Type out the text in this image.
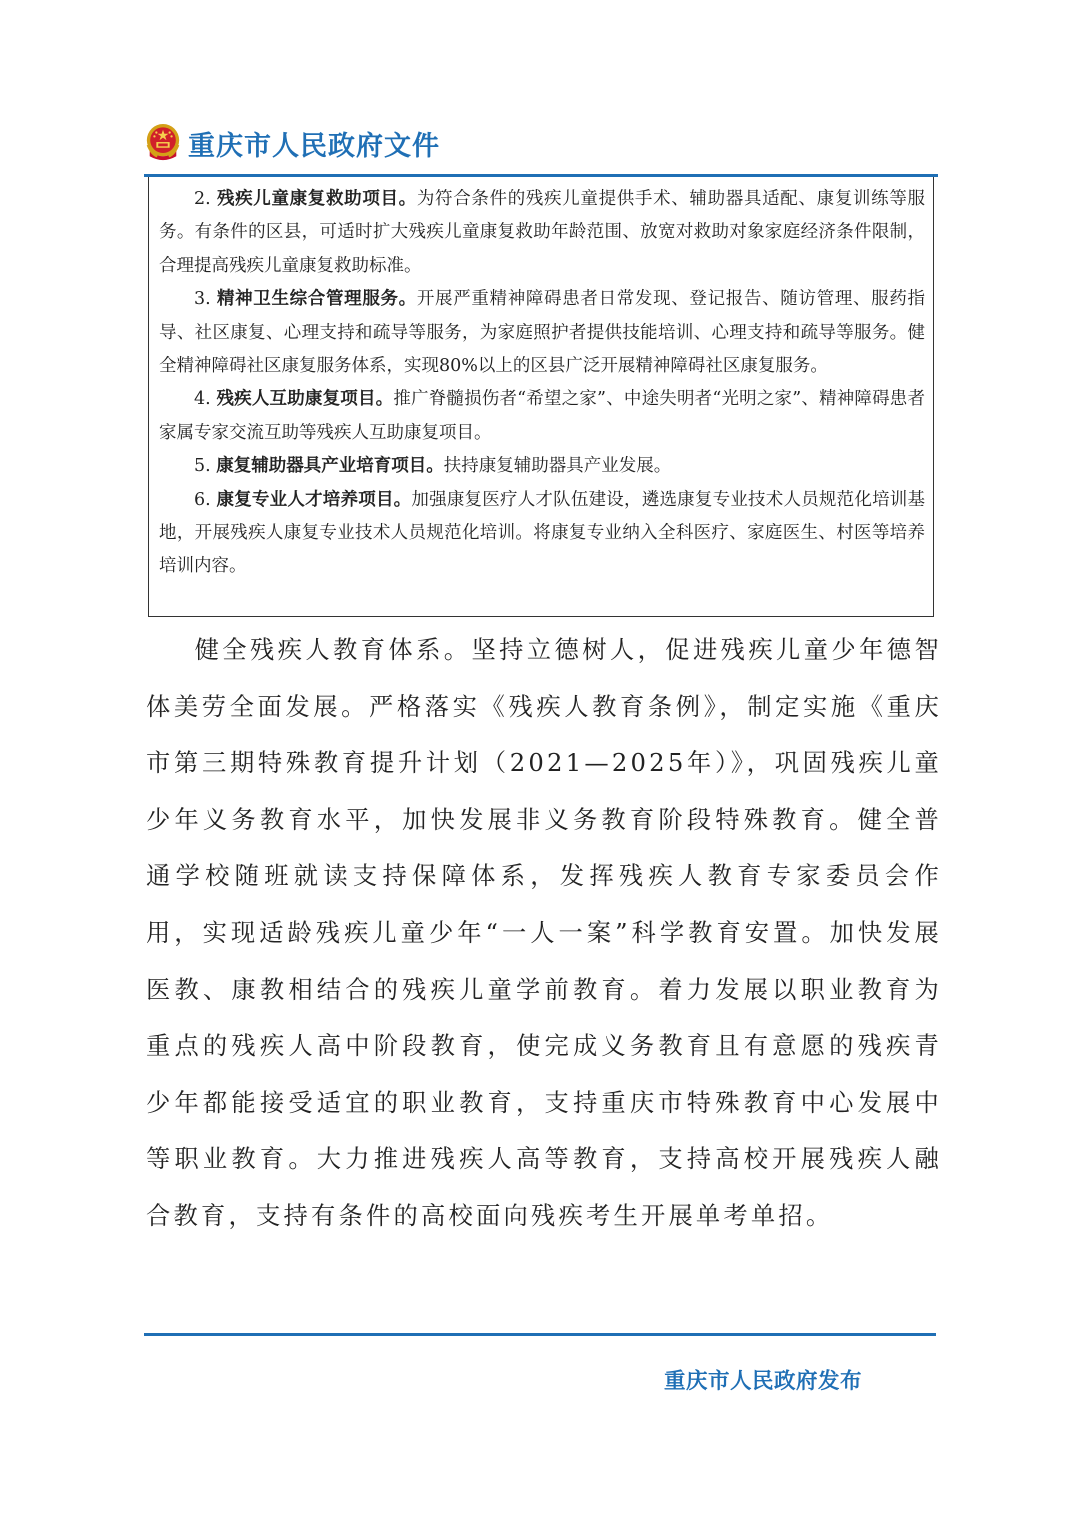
重庆市人民政府文件

2. 残疾儿童康复救助项目。为符合条件的残疾儿童提供手术、辅助器具适配、康复训练等服务。有条件的区县，可适时扩大残疾儿童康复救助年龄范围、放宽对救助对象家庭经济条件限制，合理提高残疾儿童康复救助标准。

3. 精神卫生综合管理服务。开展严重精神障碍患者日常发现、登记报告、随访管理、服药指导、社区康复、心理支持和疏导等服务，为家庭照护者提供技能培训、心理支持和疏导等服务。健全精神障碍社区康复服务体系，实现80%以上的区县广泛开展精神障碍社区康复服务。

4. 残疾人互助康复项目。推广脊髓损伤者“希望之家”、中途失明者“光明之家”、精神障碍患者家属专家交流互助等残疾人互助康复项目。

5. 康复辅助器具产业培育项目。扶持康复辅助器具产业发展。

6. 康复专业人才培养项目。加强康复医疗人才队伍建设，遴选康复专业技术人员规范化培训基地，开展残疾人康复专业技术人员规范化培训。将康复专业纳入全科医疗、家庭医生、村医等培养培训内容。

健全残疾人教育体系。坚持立德树人，促进残疾儿童少年德智体美劳全面发展。严格落实《残疾人教育条例》，制定实施《重庆市第三期特殊教育提升计划（2021—2025年）》，巩固残疾儿童少年义务教育水平，加快发展非义务教育阶段特殊教育。健全普通学校随班就读支持保障体系，发挥残疾人教育专家委员会作用，实现适龄残疾儿童少年“一人一案”科学教育安置。加快发展医教、康教相结合的残疾儿童学前教育。着力发展以职业教育为重点的残疾人高中阶段教育，使完成义务教育且有意愿的残疾青少年都能接受适宜的职业教育，支持重庆市特殊教育中心发展中等职业教育。大力推进残疾人高等教育，支持高校开展残疾人融合教育，支持有条件的高校面向残疾考生开展单考单招。

重庆市人民政府发布
